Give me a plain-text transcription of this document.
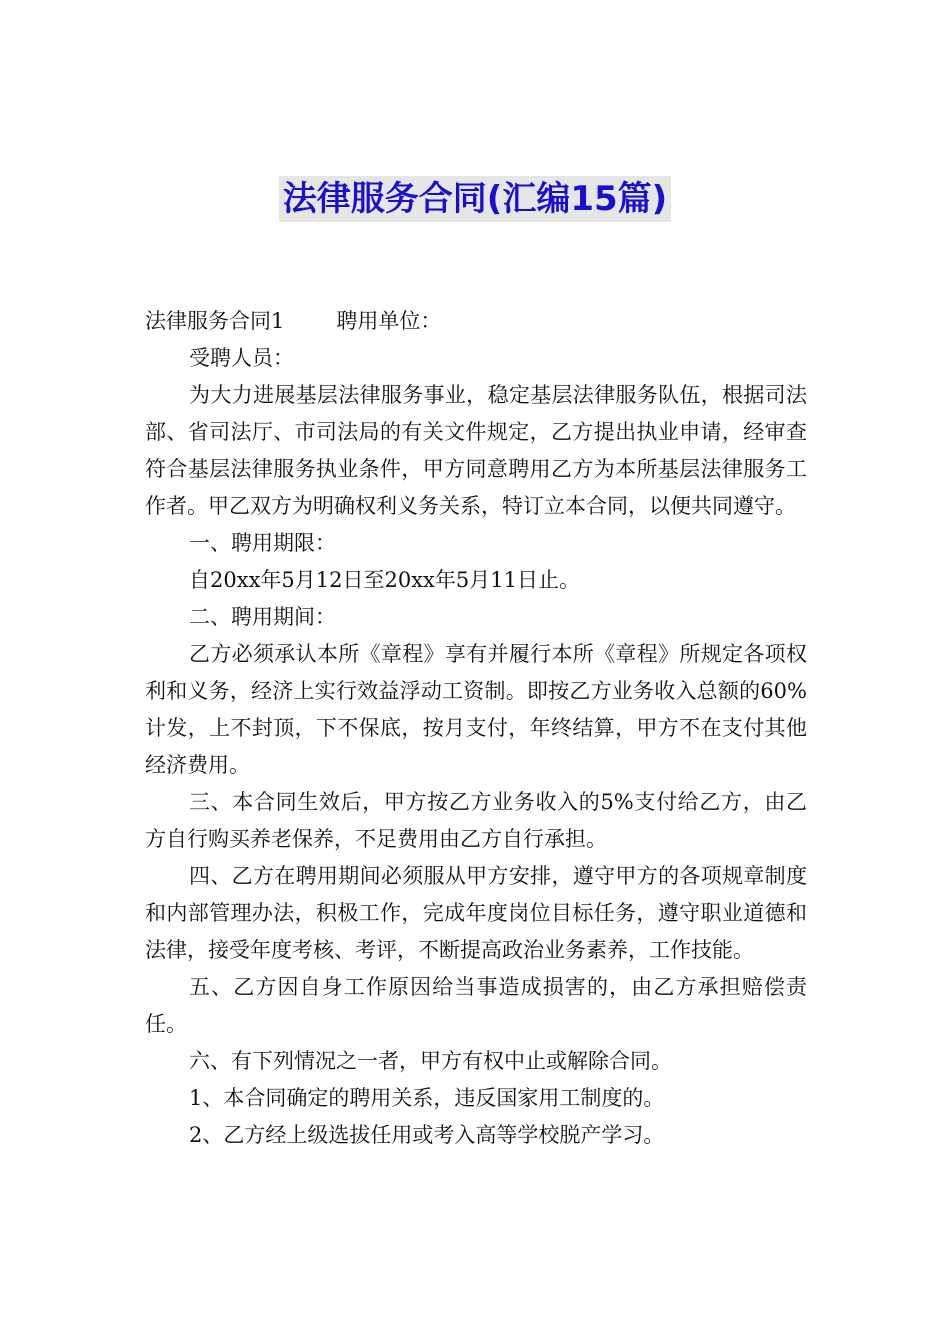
法律服务合同(汇编15篇)

法律服务合同1 聘用单位：

受聘人员：

为大力进展基层法律服务事业，稳定基层法律服务队伍，根据司法部、省司法厅、市司法局的有关文件规定，乙方提出执业申请，经审查符合基层法律服务执业条件，甲方同意聘用乙方为本所基层法律服务工作者。甲乙双方为明确权利义务关系，特订立本合同，以便共同遵守。

一、聘用期限：

自20xx年5月12日至20xx年5月11日止。

二、聘用期间：

乙方必须承认本所《章程》享有并履行本所《章程》所规定各项权利和义务，经济上实行效益浮动工资制。即按乙方业务收入总额的60%计发，上不封顶，下不保底，按月支付，年终结算，甲方不在支付其他经济费用。

三、本合同生效后，甲方按乙方业务收入的5%支付给乙方，由乙方自行购买养老保养，不足费用由乙方自行承担。

四、乙方在聘用期间必须服从甲方安排，遵守甲方的各项规章制度和内部管理办法，积极工作，完成年度岗位目标任务，遵守职业道德和法律，接受年度考核、考评，不断提高政治业务素养，工作技能。

五、乙方因自身工作原因给当事造成损害的，由乙方承担赔偿责任。

六、有下列情况之一者，甲方有权中止或解除合同。

1、本合同确定的聘用关系，违反国家用工制度的。

2、乙方经上级选拔任用或考入高等学校脱产学习。
